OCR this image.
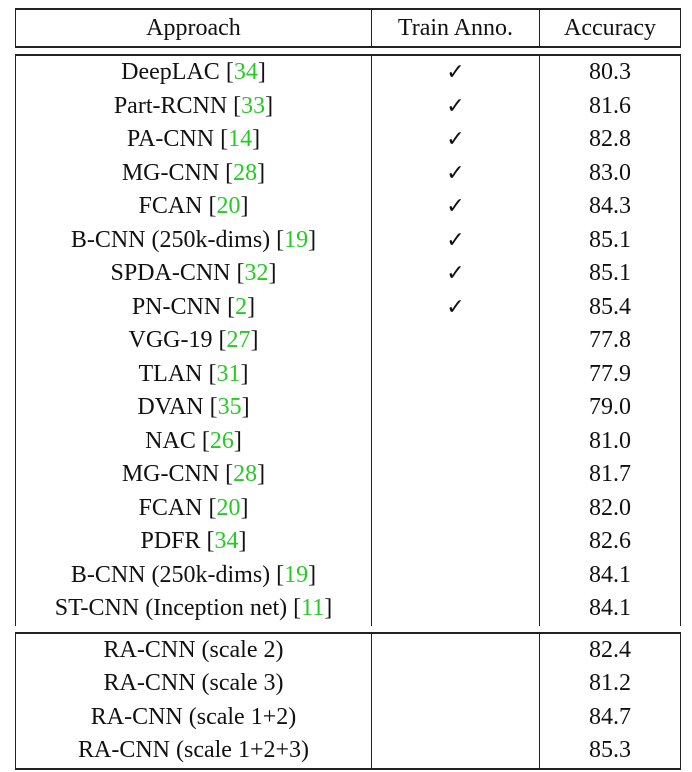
Approach	Train Anno.	Accuracy

DeepLAC [34]	✓	80.3
Part-RCNN [33]	✓	81.6
PA-CNN [14]	✓	82.8
MG-CNN [28]	✓	83.0
FCAN [20]	✓	84.3
B-CNN (250k-dims) [19]	✓	85.1
SPDA-CNN [32]	✓	85.1
PN-CNN [2]	✓	85.4
VGG-19 [27]		77.8
TLAN [31]		77.9
DVAN [35]		79.0
NAC [26]		81.0
MG-CNN [28]		81.7
FCAN [20]		82.0
PDFR [34]		82.6
B-CNN (250k-dims) [19]		84.1
ST-CNN (Inception net) [11]		84.1

RA-CNN (scale 2)		82.4
RA-CNN (scale 3)		81.2
RA-CNN (scale 1+2)		84.7
RA-CNN (scale 1+2+3)		85.3
